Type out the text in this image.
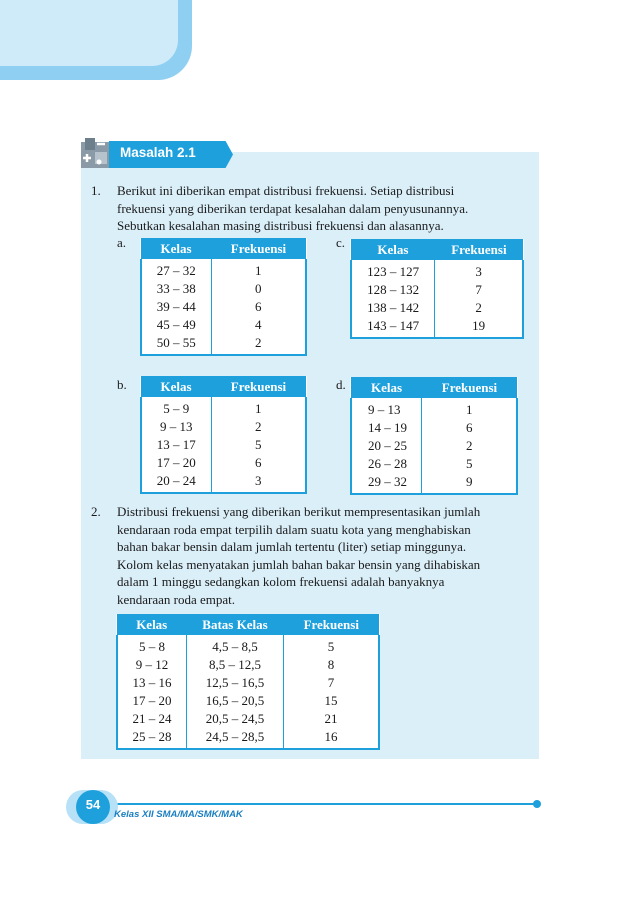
Masalah 2.1
1. Berikut ini diberikan empat distribusi frekuensi. Setiap distribusi
frekuensi yang diberikan terdapat kesalahan dalam penyusunannya.
Sebutkan kesalahan masing distribusi frekuensi dan alasannya.
a.	Kelas	Frekuensi
27 – 32	1
33 – 38	0
39 – 44	6
45 – 49	4
50 – 55	2
c. Kelas	Frekuensi
123 – 127	3
128 – 132	7
138 – 142	2
143 – 147	19
b.	Kelas	Frekuensi
5 – 9	1
9 – 13	2
13 – 17	5
17 – 20	6
20 – 24	3
d. Kelas	Frekuensi
9 – 13	1
14 – 19	6
20 – 25	2
26 – 28	5
29 – 32	9
2. Distribusi frekuensi yang diberikan berikut mempresentasikan jumlah
kendaraan roda empat terpilih dalam suatu kota yang menghabiskan
bahan bakar bensin dalam jumlah tertentu (liter) setiap minggunya.
Kolom kelas menyatakan jumlah bahan bakar bensin yang dihabiskan
dalam 1 minggu sedangkan kolom frekuensi adalah banyaknya
kendaraan roda empat.
Kelas	Batas Kelas	Frekuensi
5 – 8	4,5 – 8,5	5
9 – 12	8,5 – 12,5	8
13 – 16	12,5 – 16,5	7
17 – 20	16,5 – 20,5	15
21 – 24	20,5 – 24,5	21
25 – 28	24,5 – 28,5	16
54
Kelas XII SMA/MA/SMK/MAK
